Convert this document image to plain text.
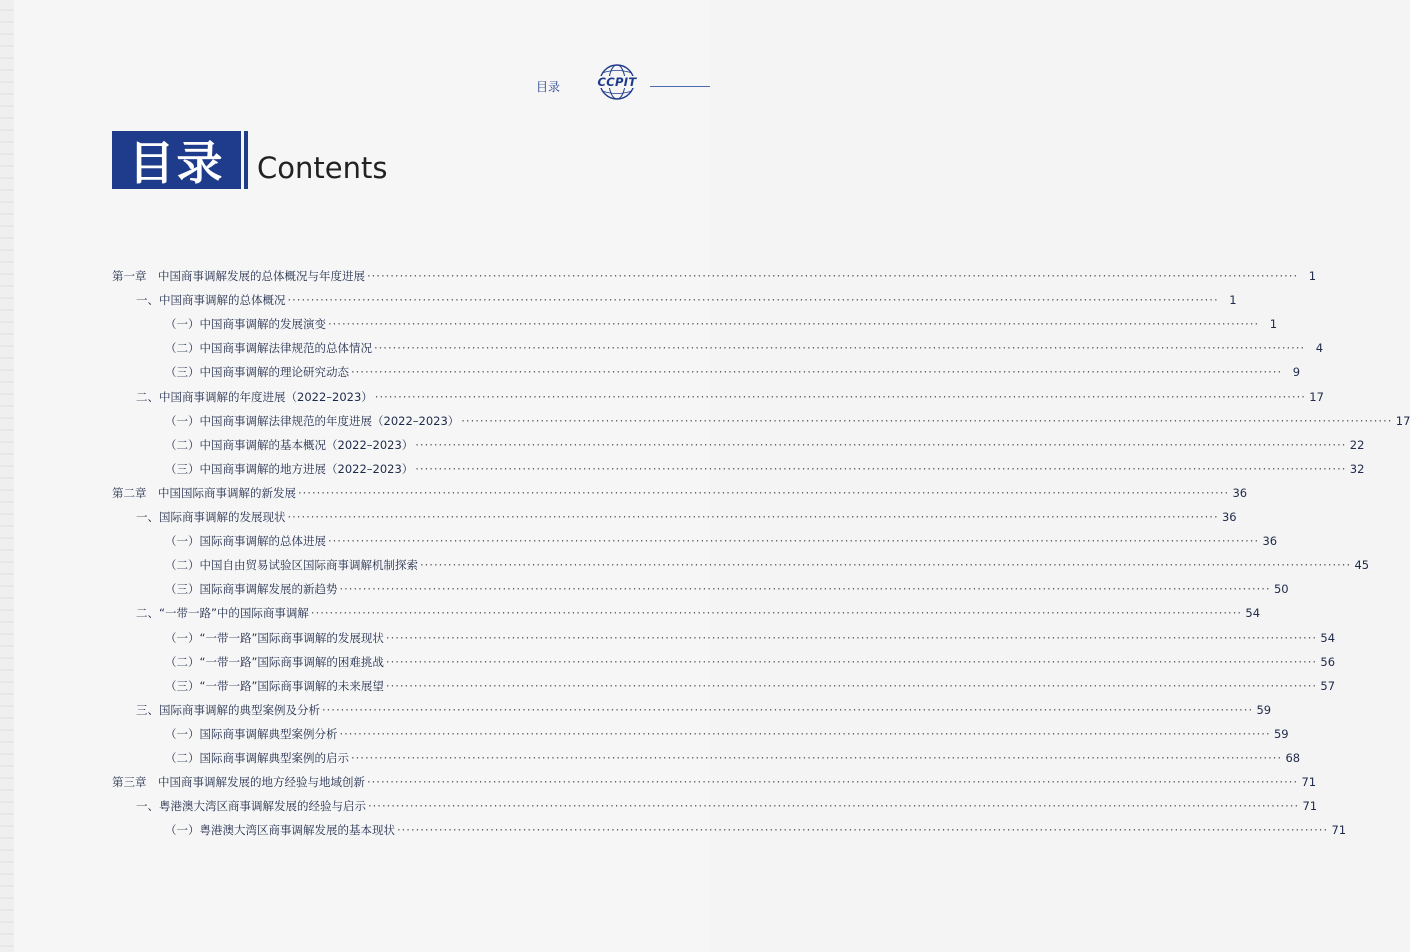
目录	CCPIT
目录	Contents
第一章　中国商事调解发展的总体概况与年度进展 ········································································································································································································ 1
一、中国商事调解的总体概况 ········································································································································································································ 1
（一）中国商事调解的发展演变 ········································································································································································································ 1
（二）中国商事调解法律规范的总体情况 ········································································································································································································ 4
（三）中国商事调解的理论研究动态 ········································································································································································································ 9
二、中国商事调解的年度进展（2022–2023） ········································································································································································································ 17
（一）中国商事调解法律规范的年度进展（2022–2023） ········································································································································································································ 17
（二）中国商事调解的基本概况（2022–2023） ········································································································································································································ 22
（三）中国商事调解的地方进展（2022–2023） ········································································································································································································ 32
第二章　中国国际商事调解的新发展 ········································································································································································································ 36
一、国际商事调解的发展现状 ········································································································································································································ 36
（一）国际商事调解的总体进展 ········································································································································································································ 36
（二）中国自由贸易试验区国际商事调解机制探索 ········································································································································································································ 45
（三）国际商事调解发展的新趋势 ········································································································································································································ 50
二、“一带一路”中的国际商事调解 ········································································································································································································ 54
（一）“一带一路”国际商事调解的发展现状 ········································································································································································································ 54
（二）“一带一路”国际商事调解的困难挑战 ········································································································································································································ 56
（三）“一带一路”国际商事调解的未来展望 ········································································································································································································ 57
三、国际商事调解的典型案例及分析 ········································································································································································································ 59
（一）国际商事调解典型案例分析 ········································································································································································································ 59
（二）国际商事调解典型案例的启示 ········································································································································································································ 68
第三章　中国商事调解发展的地方经验与地域创新 ········································································································································································································ 71
一、粤港澳大湾区商事调解发展的经验与启示 ········································································································································································································ 71
（一）粤港澳大湾区商事调解发展的基本现状 ········································································································································································································ 71
